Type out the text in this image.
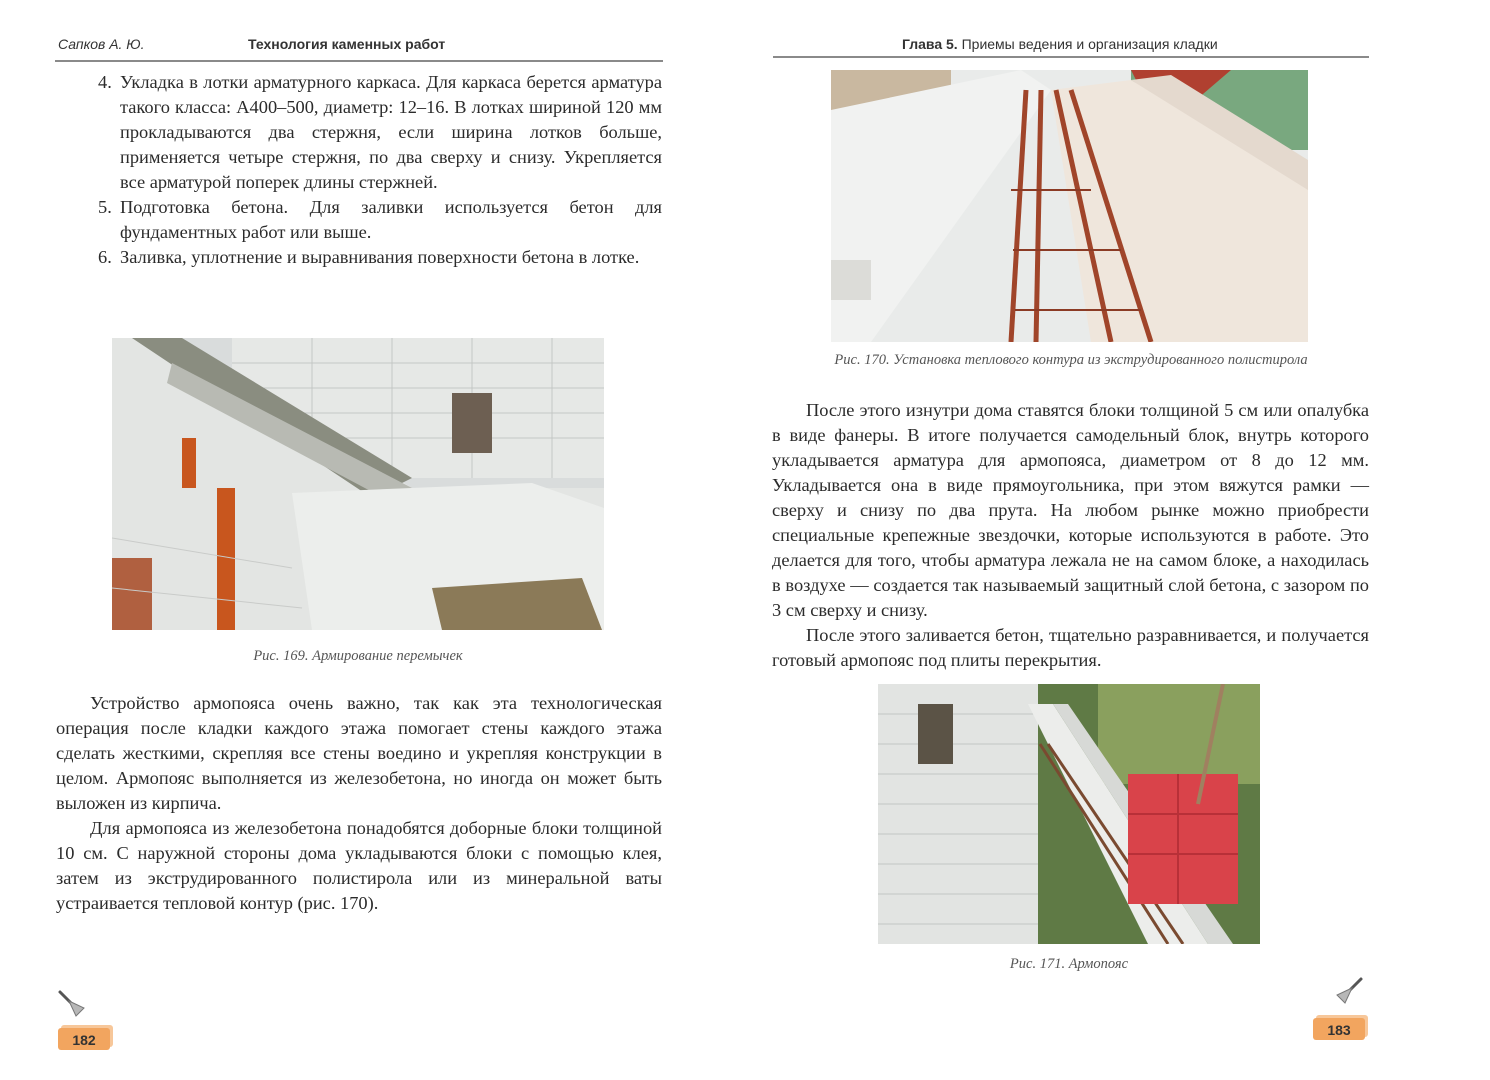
Сапков А. Ю.	Технология каменных работ
4. Укладка в лотки арматурного каркаса. Для каркаса берется арматура такого класса: А400–500, диаметр: 12–16. В лотках шириной 120 мм прокладываются два стержня, если ширина лотков больше, применяется четыре стержня, по два сверху и снизу. Укрепляется все арматурой поперек длины стержней.
5. Подготовка бетона. Для заливки используется бетон для фундаментных работ или выше.
6. Заливка, уплотнение и выравнивания поверхности бетона в лотке.
Рис. 169. Армирование перемычек

Устройство армопояса очень важно, так как эта технологическая операция после кладки каждого этажа помогает стены каждого этажа сделать жесткими, скрепляя все стены воедино и укрепляя конструкции в целом. Армопояс выполняется из железобетона, но иногда он может быть выложен из кирпича.

Для армопояса из железобетона понадобятся доборные блоки толщиной 10 см. С наружной стороны дома укладываются блоки с помощью клея, затем из экструдированного полистирола или из минеральной ваты устраивается тепловой контур (рис. 170).

182
Глава 5. Приемы ведения и организация кладки
Рис. 170. Установка теплового контура из экструдированного полистирола

После этого изнутри дома ставятся блоки толщиной 5 см или опалубка в виде фанеры. В итоге получается самодельный блок, внутрь которого укладывается арматура для армопояса, диаметром от 8 до 12 мм. Укладывается она в виде прямоугольника, при этом вяжутся рамки — сверху и снизу по два прута. На любом рынке можно приобрести специальные крепежные звездочки, которые используются в работе. Это делается для того, чтобы арматура лежала не на самом блоке, а находилась в воздухе — создается так называемый защитный слой бетона, с зазором по 3 см сверху и снизу.

После этого заливается бетон, тщательно разравнивается, и получается готовый армопояс под плиты перекрытия.

Рис. 171. Армопояс
183
